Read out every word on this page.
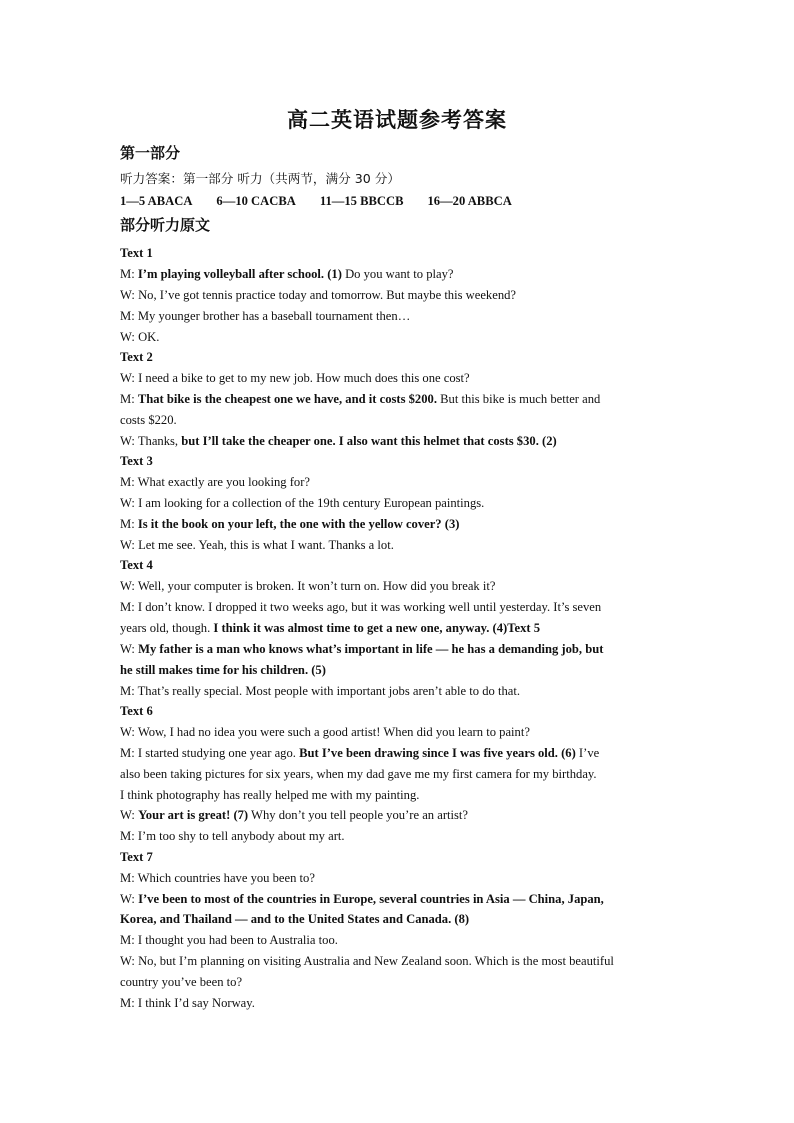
高二英语试题参考答案
第一部分
听力答案：第一部分 听力（共两节，满分 30 分）
1—5 ABACA 6—10 CACBA 11—15 BBCCB 16—20 ABBCA
部分听力原文
Text 1
M: I’m playing volleyball after school. (1) Do you want to play?
W: No, I’ve got tennis practice today and tomorrow. But maybe this weekend?
M: My younger brother has a baseball tournament then…
W: OK.
Text 2
W: I need a bike to get to my new job. How much does this one cost?
M: That bike is the cheapest one we have, and it costs $200. But this bike is much better and
costs $220.
W: Thanks, but I’ll take the cheaper one. I also want this helmet that costs $30. (2)
Text 3
M: What exactly are you looking for?
W: I am looking for a collection of the 19th century European paintings.
M: Is it the book on your left, the one with the yellow cover? (3)
W: Let me see. Yeah, this is what I want. Thanks a lot.
Text 4
W: Well, your computer is broken. It won’t turn on. How did you break it?
M: I don’t know. I dropped it two weeks ago, but it was working well until yesterday. It’s seven
years old, though. I think it was almost time to get a new one, anyway. (4)Text 5
W: My father is a man who knows what’s important in life — he has a demanding job, but
he still makes time for his children. (5)
M: That’s really special. Most people with important jobs aren’t able to do that.
Text 6
W: Wow, I had no idea you were such a good artist! When did you learn to paint?
M: I started studying one year ago. But I’ve been drawing since I was five years old. (6) I’ve
also been taking pictures for six years, when my dad gave me my first camera for my birthday.
I think photography has really helped me with my painting.
W: Your art is great! (7) Why don’t you tell people you’re an artist?
M: I’m too shy to tell anybody about my art.
Text 7
M: Which countries have you been to?
W: I’ve been to most of the countries in Europe, several countries in Asia — China, Japan,
Korea, and Thailand — and to the United States and Canada. (8)
M: I thought you had been to Australia too.
W: No, but I’m planning on visiting Australia and New Zealand soon. Which is the most beautiful
country you’ve been to?
M: I think I’d say Norway.
